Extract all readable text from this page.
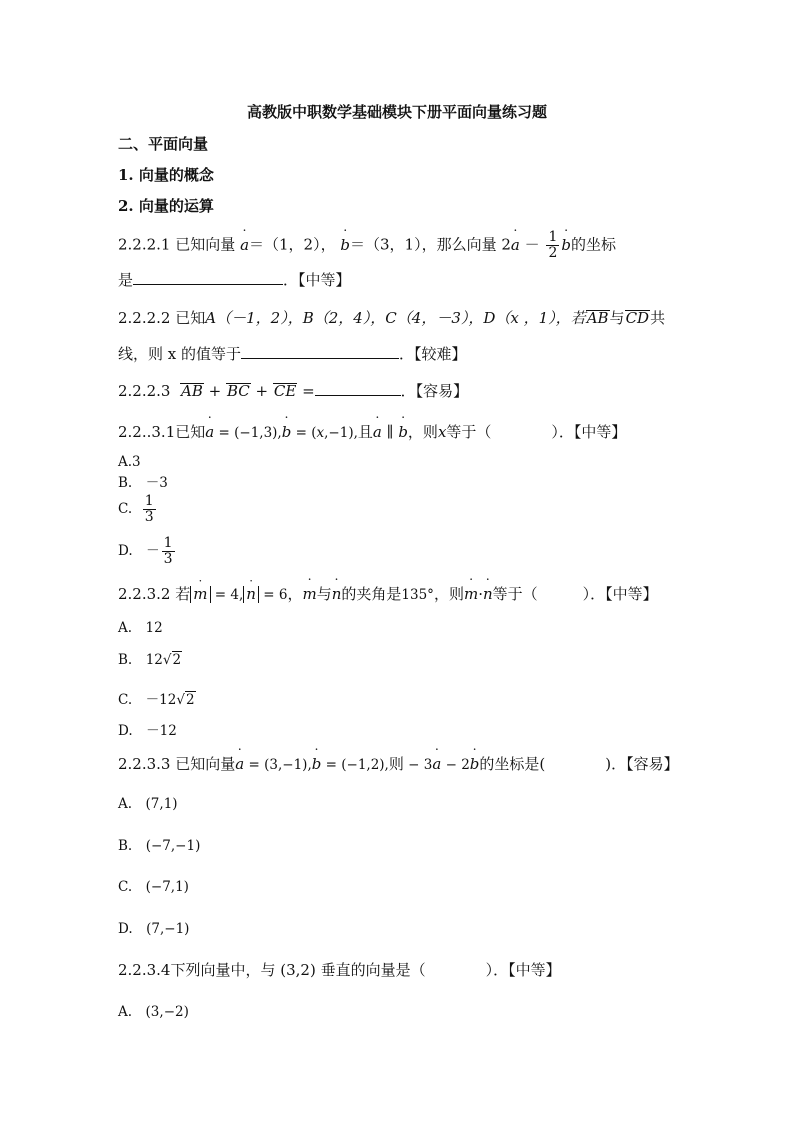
高教版中职数学基础模块下册平面向量练习题
二、平面向量
1. 向量的概念
2. 向量的运算
2.2.2.1 已知向量 ˙ a＝（1，2）， ˙ b＝（3，1），那么向量 2˙ $a - \frac{1}{2}$ ˙ b的坐标
是	．【中等】
2.2.2.2 已知A（－1，2），B（2，4），C（4，－3），D（x ，1），若AB与CD共
线，则 x 的值等于	．【较难】
2.2.2.3 AB + BC + CE =	．【容易】
2.2..3.1已知˙ a = (−1,3),˙ b = (x,−1),且˙ a ∥ ˙ b，则x等于（　　　　）．【中等】
A.3
B.　－3
C. $\frac{1}{3}$
D.　－ $\frac{1}{3}$
2.2.3.2 若 m ˙ = 4, n ˙ = 6，˙ m与˙ n的夹角是135°，则˙ m·˙ n等于（　　　）．【中等】
A.　12
B.　12√2
C.　－12√2
D.　－12
2.2.3.3 已知向量˙ a = (3,−1),˙ b = (−1,2),则 − 3˙ a − 2˙ b的坐标是(　　　　)．【容易】
A.　(7,1)
B.　(−7,−1)
C.　(−7,1)
D.　(7,−1)
2.2.3.4下列向量中，与 (3,2) 垂直的向量是（　　　　）．【中等】
A.　(3,−2)
